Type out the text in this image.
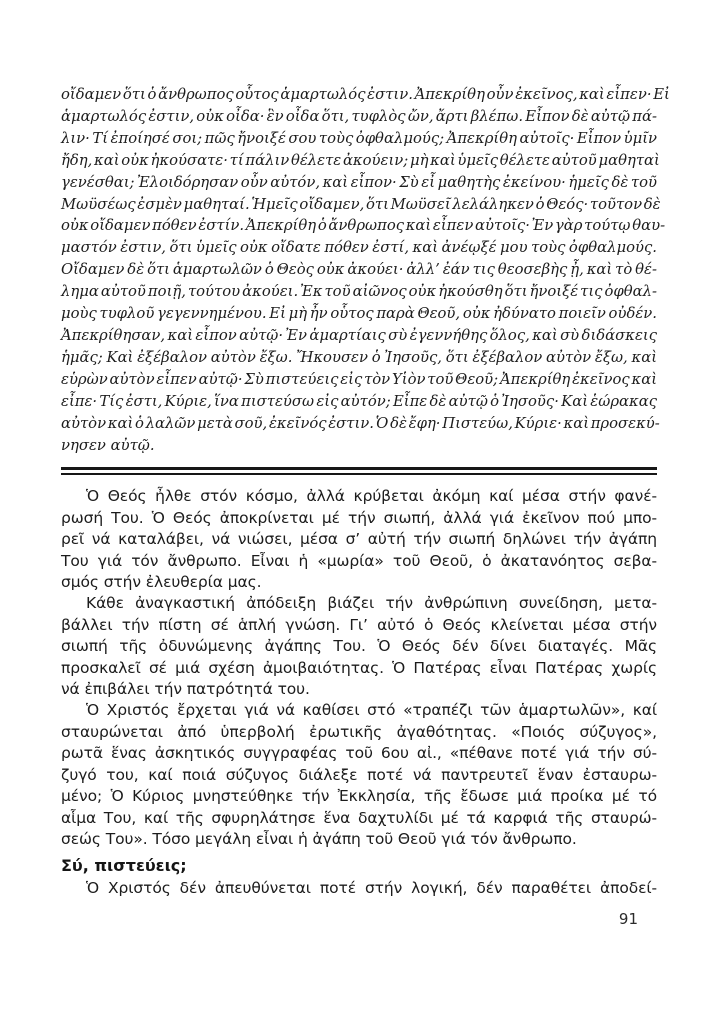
οἴδαμεν ὅτι ὁ ἄνθρωπος οὗτος ἁμαρτωλός ἐστιν. Ἀπεκρίθη οὖν ἐκεῖνος, καὶ εἶπεν· Εἰ
ἁμαρτωλός ἐστιν, οὐκ οἶδα· ἓν οἶδα ὅτι, τυφλὸς ὤν, ἄρτι βλέπω. Εἶπον δὲ αὐτῷ πά-
λιν· Τί ἐποίησέ σοι; πῶς ἤνοιξέ σου τοὺς ὀφθαλμούς; Ἀπεκρίθη αὐτοῖς· Εἶπον ὑμῖν
ἤδη, καὶ οὐκ ἠκούσατε· τί πάλιν θέλετε ἀκούειν; μὴ καὶ ὑμεῖς θέλετε αὐτοῦ μαθηταὶ
γενέσθαι; Ἐλοιδόρησαν οὖν αὐτόν, καὶ εἶπον· Σὺ εἶ μαθητὴς ἐκείνου· ἡμεῖς δὲ τοῦ
Μωϋσέως ἐσμὲν μαθηταί. Ἡμεῖς οἴδαμεν, ὅτι Μωϋσεῖ λελάληκεν ὁ Θεός· τοῦτον δὲ
οὐκ οἴδαμεν πόθεν ἐστίν. Ἀπεκρίθη ὁ ἄνθρωπος καὶ εἶπεν αὐτοῖς· Ἐν γὰρ τούτῳ θαυ-
μαστόν ἐστιν, ὅτι ὑμεῖς οὐκ οἴδατε πόθεν ἐστί, καὶ ἀνέῳξέ μου τοὺς ὀφθαλμούς.
Οἴδαμεν δὲ ὅτι ἁμαρτωλῶν ὁ Θεὸς οὐκ ἀκούει· ἀλλ’ ἐάν τις θεοσεβὴς ᾖ, καὶ τὸ θέ-
λημα αὐτοῦ ποιῇ, τούτου ἀκούει. Ἐκ τοῦ αἰῶνος οὐκ ἠκούσθη ὅτι ἤνοιξέ τις ὀφθαλ-
μοὺς τυφλοῦ γεγεννημένου. Εἰ μὴ ἦν οὗτος παρὰ Θεοῦ, οὐκ ἠδύνατο ποιεῖν οὐδέν.
Ἀπεκρίθησαν, καὶ εἶπον αὐτῷ· Ἐν ἁμαρτίαις σὺ ἐγεννήθης ὅλος, καὶ σὺ διδάσκεις
ἡμᾶς; Καὶ ἐξέβαλον αὐτὸν ἔξω. Ἤκουσεν ὁ Ἰησοῦς, ὅτι ἐξέβαλον αὐτὸν ἔξω, καὶ
εὑρὼν αὐτὸν εἶπεν αὐτῷ· Σὺ πιστεύεις εἰς τὸν Υἱὸν τοῦ Θεοῦ; Ἀπεκρίθη ἐκεῖνος καὶ
εἶπε· Τίς ἐστι, Κύριε, ἵνα πιστεύσω εἰς αὐτόν; Εἶπε δὲ αὐτῷ ὁ Ἰησοῦς· Καὶ ἑώρακας
αὐτὸν καὶ ὁ λαλῶν μετὰ σοῦ, ἐκεῖνός ἐστιν. Ὁ δὲ ἔφη· Πιστεύω, Κύριε· καὶ προσεκύ-
νησεν αὐτῷ.
Ὁ Θεός ἦλθε στόν κόσμο, ἀλλά κρύβεται ἀκόμη καί μέσα στήν φανέ-
ρωσή Του. Ὁ Θεός ἀποκρίνεται μέ τήν σιωπή, ἀλλά γιά ἐκεῖνον πού μπο-
ρεῖ νά καταλάβει, νά νιώσει, μέσα σ’ αὐτή τήν σιωπή δηλώνει τήν ἀγάπη
Του γιά τόν ἄνθρωπο. Εἶναι ἡ «μωρία» τοῦ Θεοῦ, ὁ ἀκατανόητος σεβα-
σμός στήν ἐλευθερία μας.
Κάθε ἀναγκαστική ἀπόδειξη βιάζει τήν ἀνθρώπινη συνείδηση, μετα-
βάλλει τήν πίστη σέ ἁπλή γνώση. Γι’ αὐτό ὁ Θεός κλείνεται μέσα στήν
σιωπή τῆς ὀδυνώμενης ἀγάπης Του. Ὁ Θεός δέν δίνει διαταγές. Μᾶς
προσκαλεῖ σέ μιά σχέση ἀμοιβαιότητας. Ὁ Πατέρας εἶναι Πατέρας χωρίς
νά ἐπιβάλει τήν πατρότητά του.
Ὁ Χριστός ἔρχεται γιά νά καθίσει στό «τραπέζι τῶν ἁμαρτωλῶν», καί
σταυρώνεται ἀπό ὑπερβολή ἐρωτικῆς ἀγαθότητας. «Ποιός σύζυγος»,
ρωτᾶ ἕνας ἀσκητικός συγγραφέας τοῦ 6ου αἰ., «πέθανε ποτέ γιά τήν σύ-
ζυγό του, καί ποιά σύζυγος διάλεξε ποτέ νά παντρευτεῖ ἕναν ἐσταυρω-
μένο; Ὁ Κύριος μνηστεύθηκε τήν Ἐκκλησία, τῆς ἔδωσε μιά προίκα μέ τό
αἷμα Του, καί τῆς σφυρηλάτησε ἕνα δαχτυλίδι μέ τά καρφιά τῆς σταυρώ-
σεώς Του». Τόσο μεγάλη εἶναι ἡ ἀγάπη τοῦ Θεοῦ γιά τόν ἄνθρωπο.
Σύ, πιστεύεις;
Ὁ Χριστός δέν ἀπευθύνεται ποτέ στήν λογική, δέν παραθέτει ἀποδεί-
91
